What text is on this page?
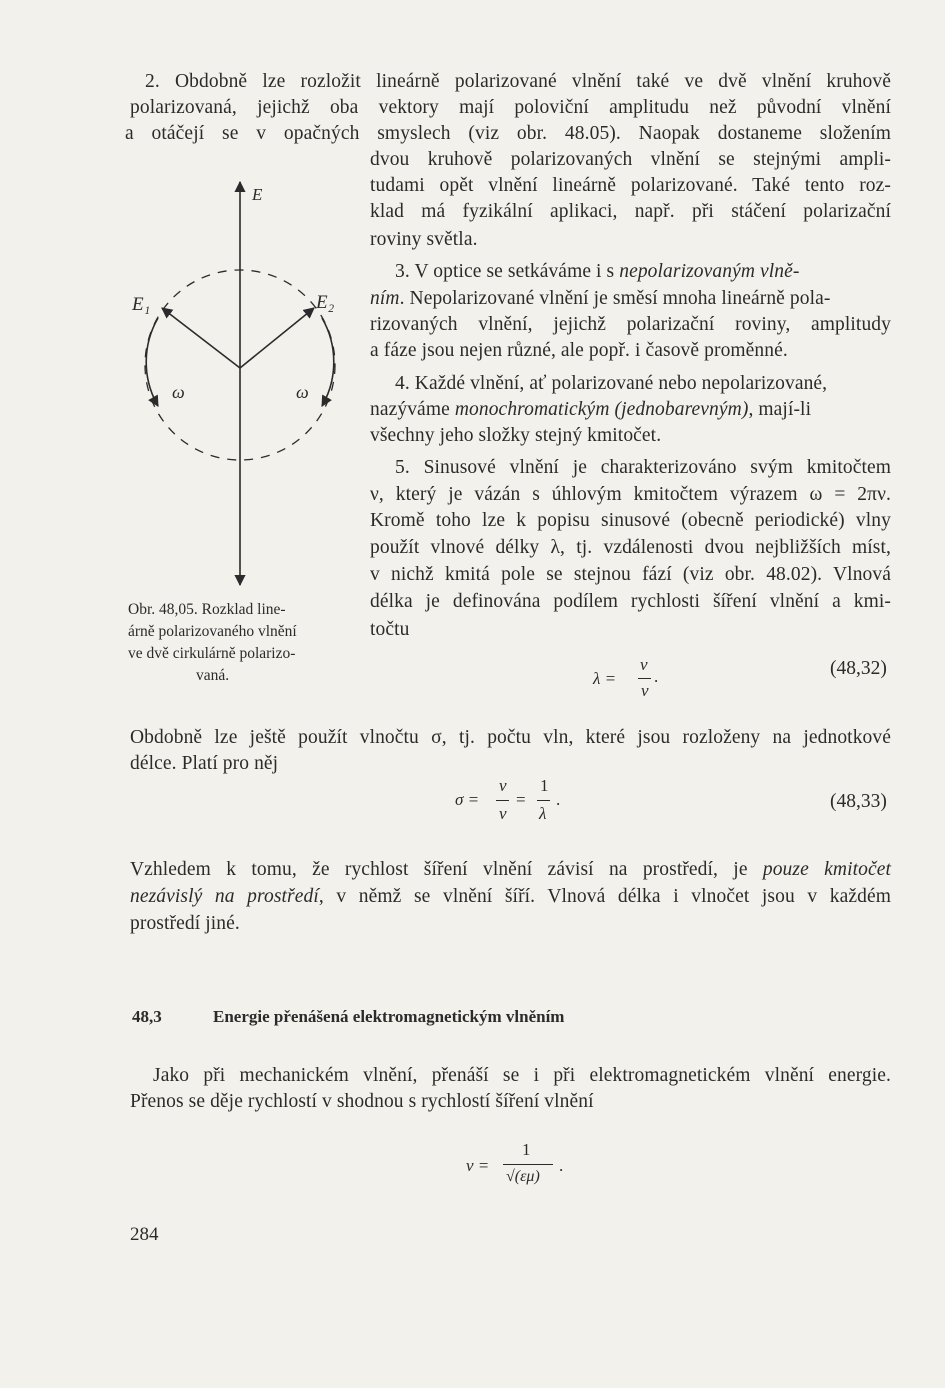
2. Obdobně lze rozložit lineárně polarizované vlnění také ve dvě vlnění kruhově
polarizovaná, jejichž oba vektory mají poloviční amplitudu než původní vlnění
a otáčejí se v opačných smyslech (viz obr. 48.05). Naopak dostaneme složením
dvou kruhově polarizovaných vlnění se stejnými ampli-
tudami opět vlnění lineárně polarizované. Také tento roz-
klad má fyzikální aplikaci, např. při stáčení polarizační
roviny světla.
3. V optice se setkáváme i s nepolarizovaným vlně-
ním. Nepolarizované vlnění je směsí mnoha lineárně pola-
rizovaných vlnění, jejichž polarizační roviny, amplitudy
a fáze jsou nejen různé, ale popř. i časově proměnné.
4. Každé vlnění, ať polarizované nebo nepolarizované,
nazýváme monochromatickým (jednobarevným), mají-li
všechny jeho složky stejný kmitočet.
5. Sinusové vlnění je charakterizováno svým kmitočtem
ν, který je vázán s úhlovým kmitočtem výrazem ω = 2πν.
Kromě toho lze k popisu sinusové (obecně periodické) vlny
použít vlnové délky λ, tj. vzdálenosti dvou nejbližších míst,
v nichž kmitá pole se stejnou fází (viz obr. 48.02). Vlnová
délka je definována podílem rychlosti šíření vlnění a kmi-
točtu
E
E₁	E₂
ω	ω
Obr. 48,05. Rozklad line-
árně polarizovaného vlnění
ve dvě cirkulárně polarizo-
vaná.	λ =
v
ν
.	(48,32)
Obdobně lze ještě použít vlnočtu σ, tj. počtu vln, které jsou rozloženy na jednotkové
délce. Platí pro něj
σ =
ν
v
=
1
λ
.	(48,33)
Vzhledem k tomu, že rychlost šíření vlnění závisí na prostředí, je pouze kmitočet
nezávislý na prostředí, v němž se vlnění šíří. Vlnová délka i vlnočet jsou v každém
prostředí jiné.
48,3	Energie přenášená elektromagnetickým vlněním
Jako při mechanickém vlnění, přenáší se i při elektromagnetickém vlnění energie.
Přenos se děje rychlostí v shodnou s rychlostí šíření vlnění
v =
1
√(εμ)
.
284
